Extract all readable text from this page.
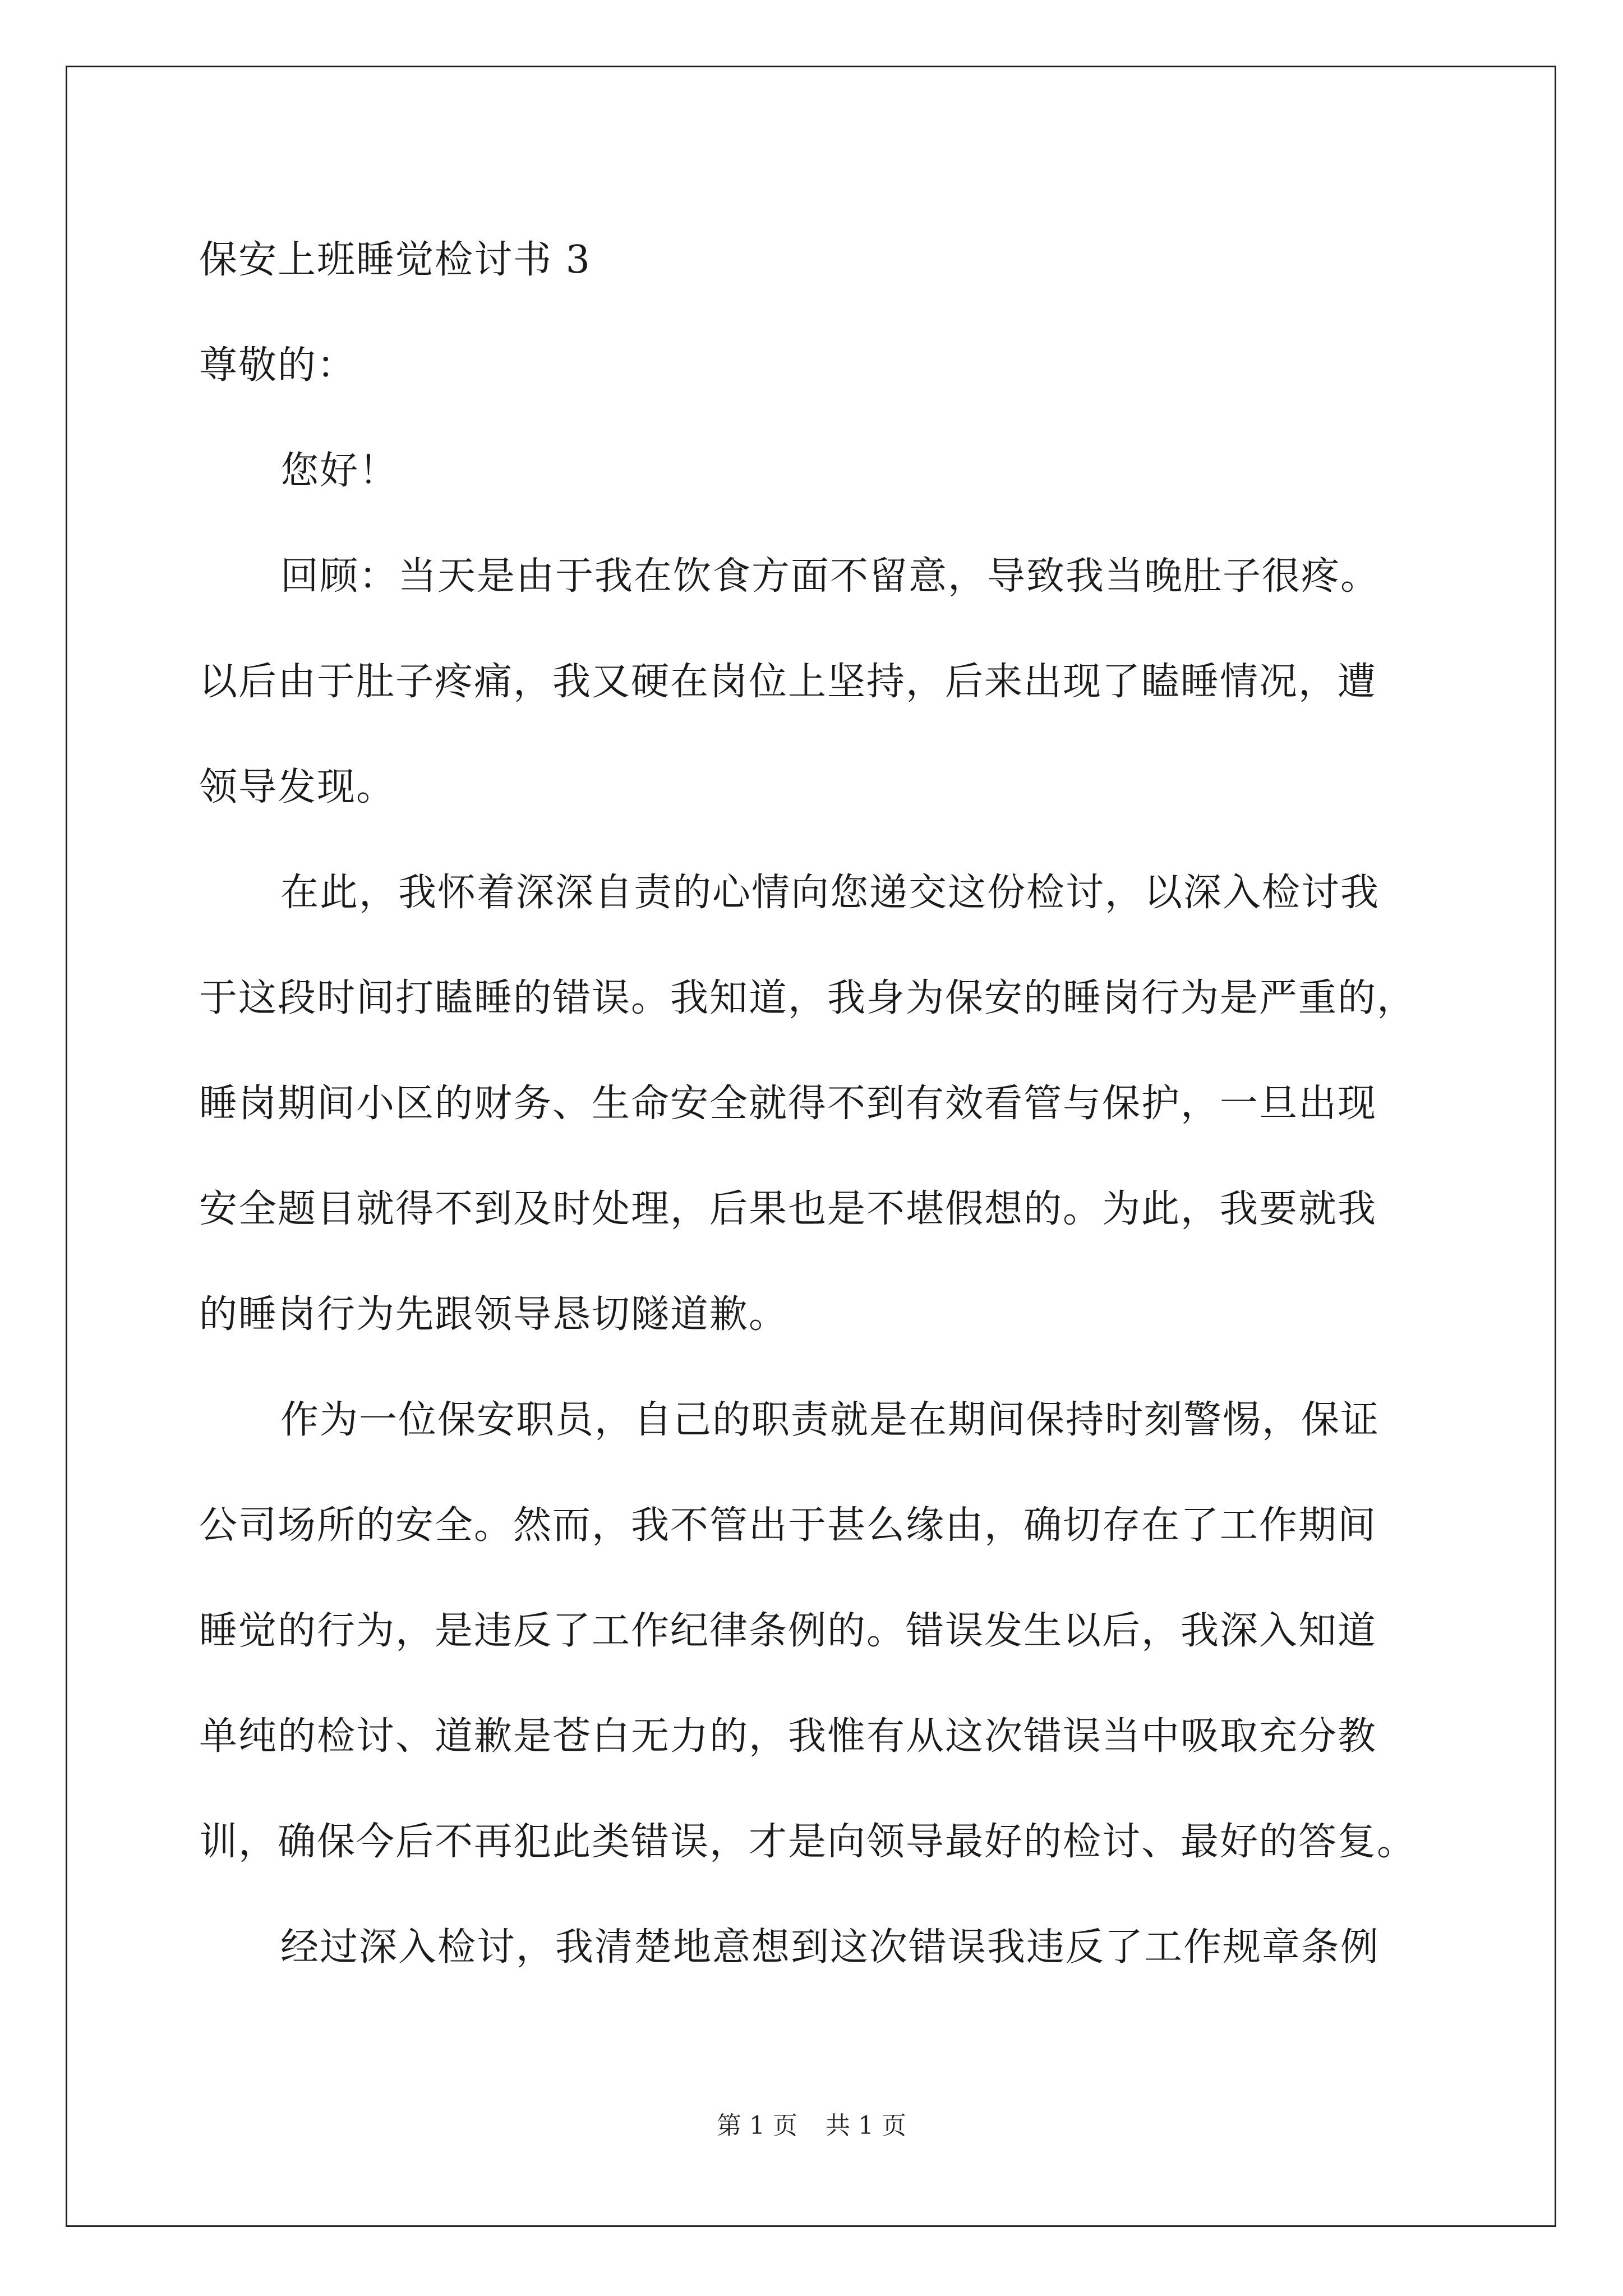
保安上班睡觉检讨书 3
尊敬的：
您好！
回顾：当天是由于我在饮食方面不留意，导致我当晚肚子很疼。
以后由于肚子疼痛，我又硬在岗位上坚持，后来出现了瞌睡情况，遭
领导发现。
在此，我怀着深深自责的心情向您递交这份检讨，以深入检讨我
于这段时间打瞌睡的错误。我知道，我身为保安的睡岗行为是严重的，
睡岗期间小区的财务、生命安全就得不到有效看管与保护，一旦出现
安全题目就得不到及时处理，后果也是不堪假想的。为此，我要就我
的睡岗行为先跟领导恳切隧道歉。
作为一位保安职员，自己的职责就是在期间保持时刻警惕，保证
公司场所的安全。然而，我不管出于甚么缘由，确切存在了工作期间
睡觉的行为，是违反了工作纪律条例的。错误发生以后，我深入知道
单纯的检讨、道歉是苍白无力的，我惟有从这次错误当中吸取充分教
训，确保今后不再犯此类错误，才是向领导最好的检讨、最好的答复。
经过深入检讨，我清楚地意想到这次错误我违反了工作规章条例
第 1 页 共 1 页
